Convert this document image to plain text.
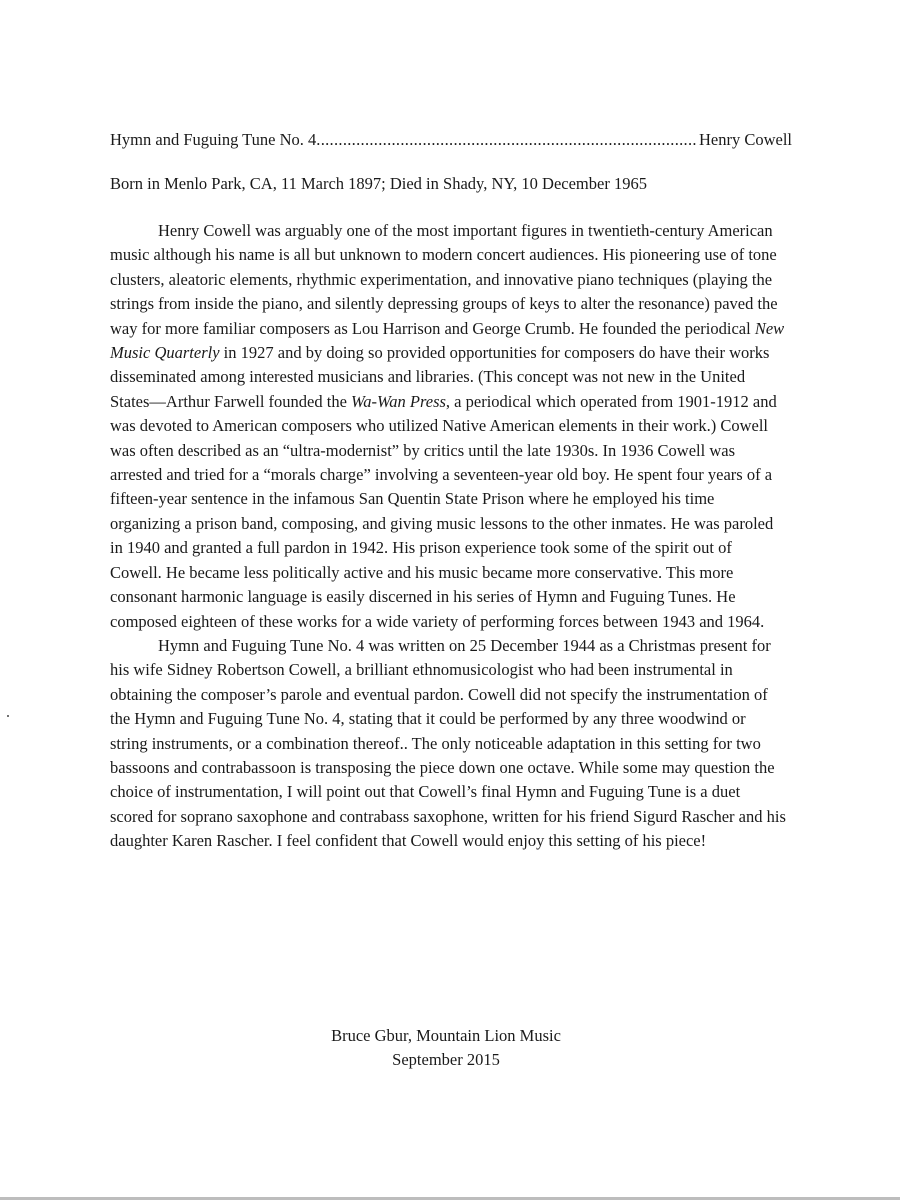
Hymn and Fuguing Tune No. 4
.....	Henry Cowell
Born in Menlo Park, CA, 11 March 1897; Died in Shady, NY, 10 December 1965

Henry Cowell was arguably one of the most important figures in twentieth-century American music although his name is all but unknown to modern concert audiences. His pioneering use of tone clusters, aleatoric elements, rhythmic experimentation, and innovative piano techniques (playing the strings from inside the piano, and silently depressing groups of keys to alter the resonance) paved the way for more familiar composers as Lou Harrison and George Crumb. He founded the periodical New Music Quarterly in 1927 and by doing so provided opportunities for composers do have their works disseminated among interested musicians and libraries. (This concept was not new in the United States—Arthur Farwell founded the Wa-Wan Press, a periodical which operated from 1901-1912 and was devoted to American composers who utilized Native American elements in their work.) Cowell was often described as an “ultra-modernist” by critics until the late 1930s. In 1936 Cowell was arrested and tried for a “morals charge” involving a seventeen-year old boy. He spent four years of a fifteen-year sentence in the infamous San Quentin State Prison where he employed his time organizing a prison band, composing, and giving music lessons to the other inmates. He was paroled in 1940 and granted a full pardon in 1942. His prison experience took some of the spirit out of Cowell. He became less politically active and his music became more conservative. This more consonant harmonic language is easily discerned in his series of Hymn and Fuguing Tunes. He composed eighteen of these works for a wide variety of performing forces between 1943 and 1964.

Hymn and Fuguing Tune No. 4 was written on 25 December 1944 as a Christmas present for his wife Sidney Robertson Cowell, a brilliant ethnomusicologist who had been instrumental in obtaining the composer’s parole and eventual pardon. Cowell did not specify the instrumentation of the Hymn and Fuguing Tune No. 4, stating that it could be performed by any three woodwind or string instruments, or a combination thereof.. The only noticeable adaptation in this setting for two bassoons and contrabassoon is transposing the piece down one octave. While some may question the choice of instrumentation, I will point out that Cowell’s final Hymn and Fuguing Tune is a duet scored for soprano saxophone and contrabass saxophone, written for his friend Sigurd Rascher and his daughter Karen Rascher. I feel confident that Cowell would enjoy this setting of his piece!

Bruce Gbur, Mountain Lion Music
September 2015
